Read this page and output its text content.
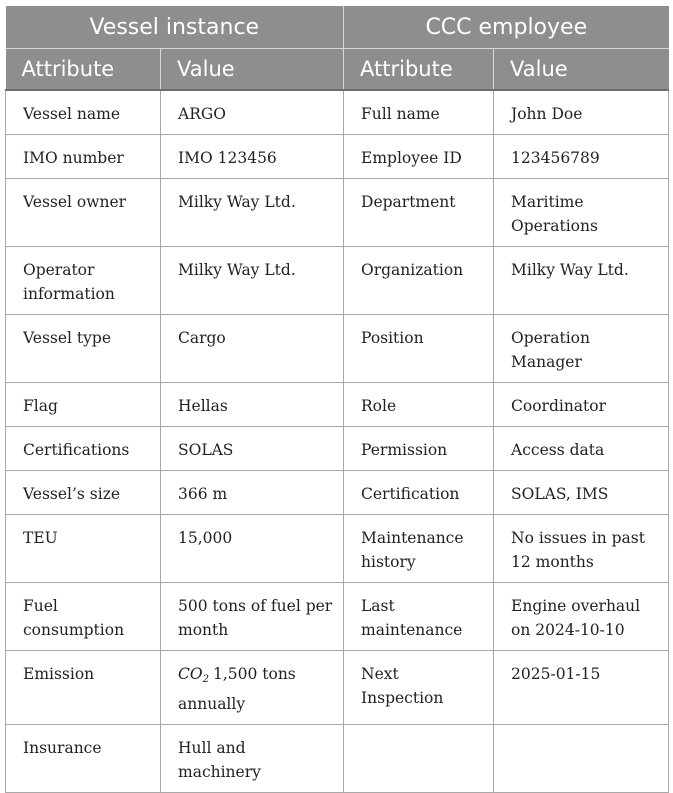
Vessel instance		CCC employee	
Attribute	Value	Attribute	Value
Vessel name	ARGO	Full name	John Doe
IMO number	IMO 123456	Employee ID	123456789
Vessel owner	Milky Way Ltd.	Department	Maritime Operations
Operator information	Milky Way Ltd.	Organization	Milky Way Ltd.
Vessel type	Cargo	Position	Operation Manager
Flag	Hellas	Role	Coordinator
Certifications	SOLAS	Permission	Access data
Vessel’s size	366 m	Certification	SOLAS, IMS
TEU	15,000	Maintenance history	No issues in past 12 months
Fuel consumption	500 tons of fuel per month	Last maintenance	Engine overhaul on 2024-10-10
Emission	CO2 1,500 tons annually	Next Inspection	2025-01-15
Insurance	Hull and machinery		
